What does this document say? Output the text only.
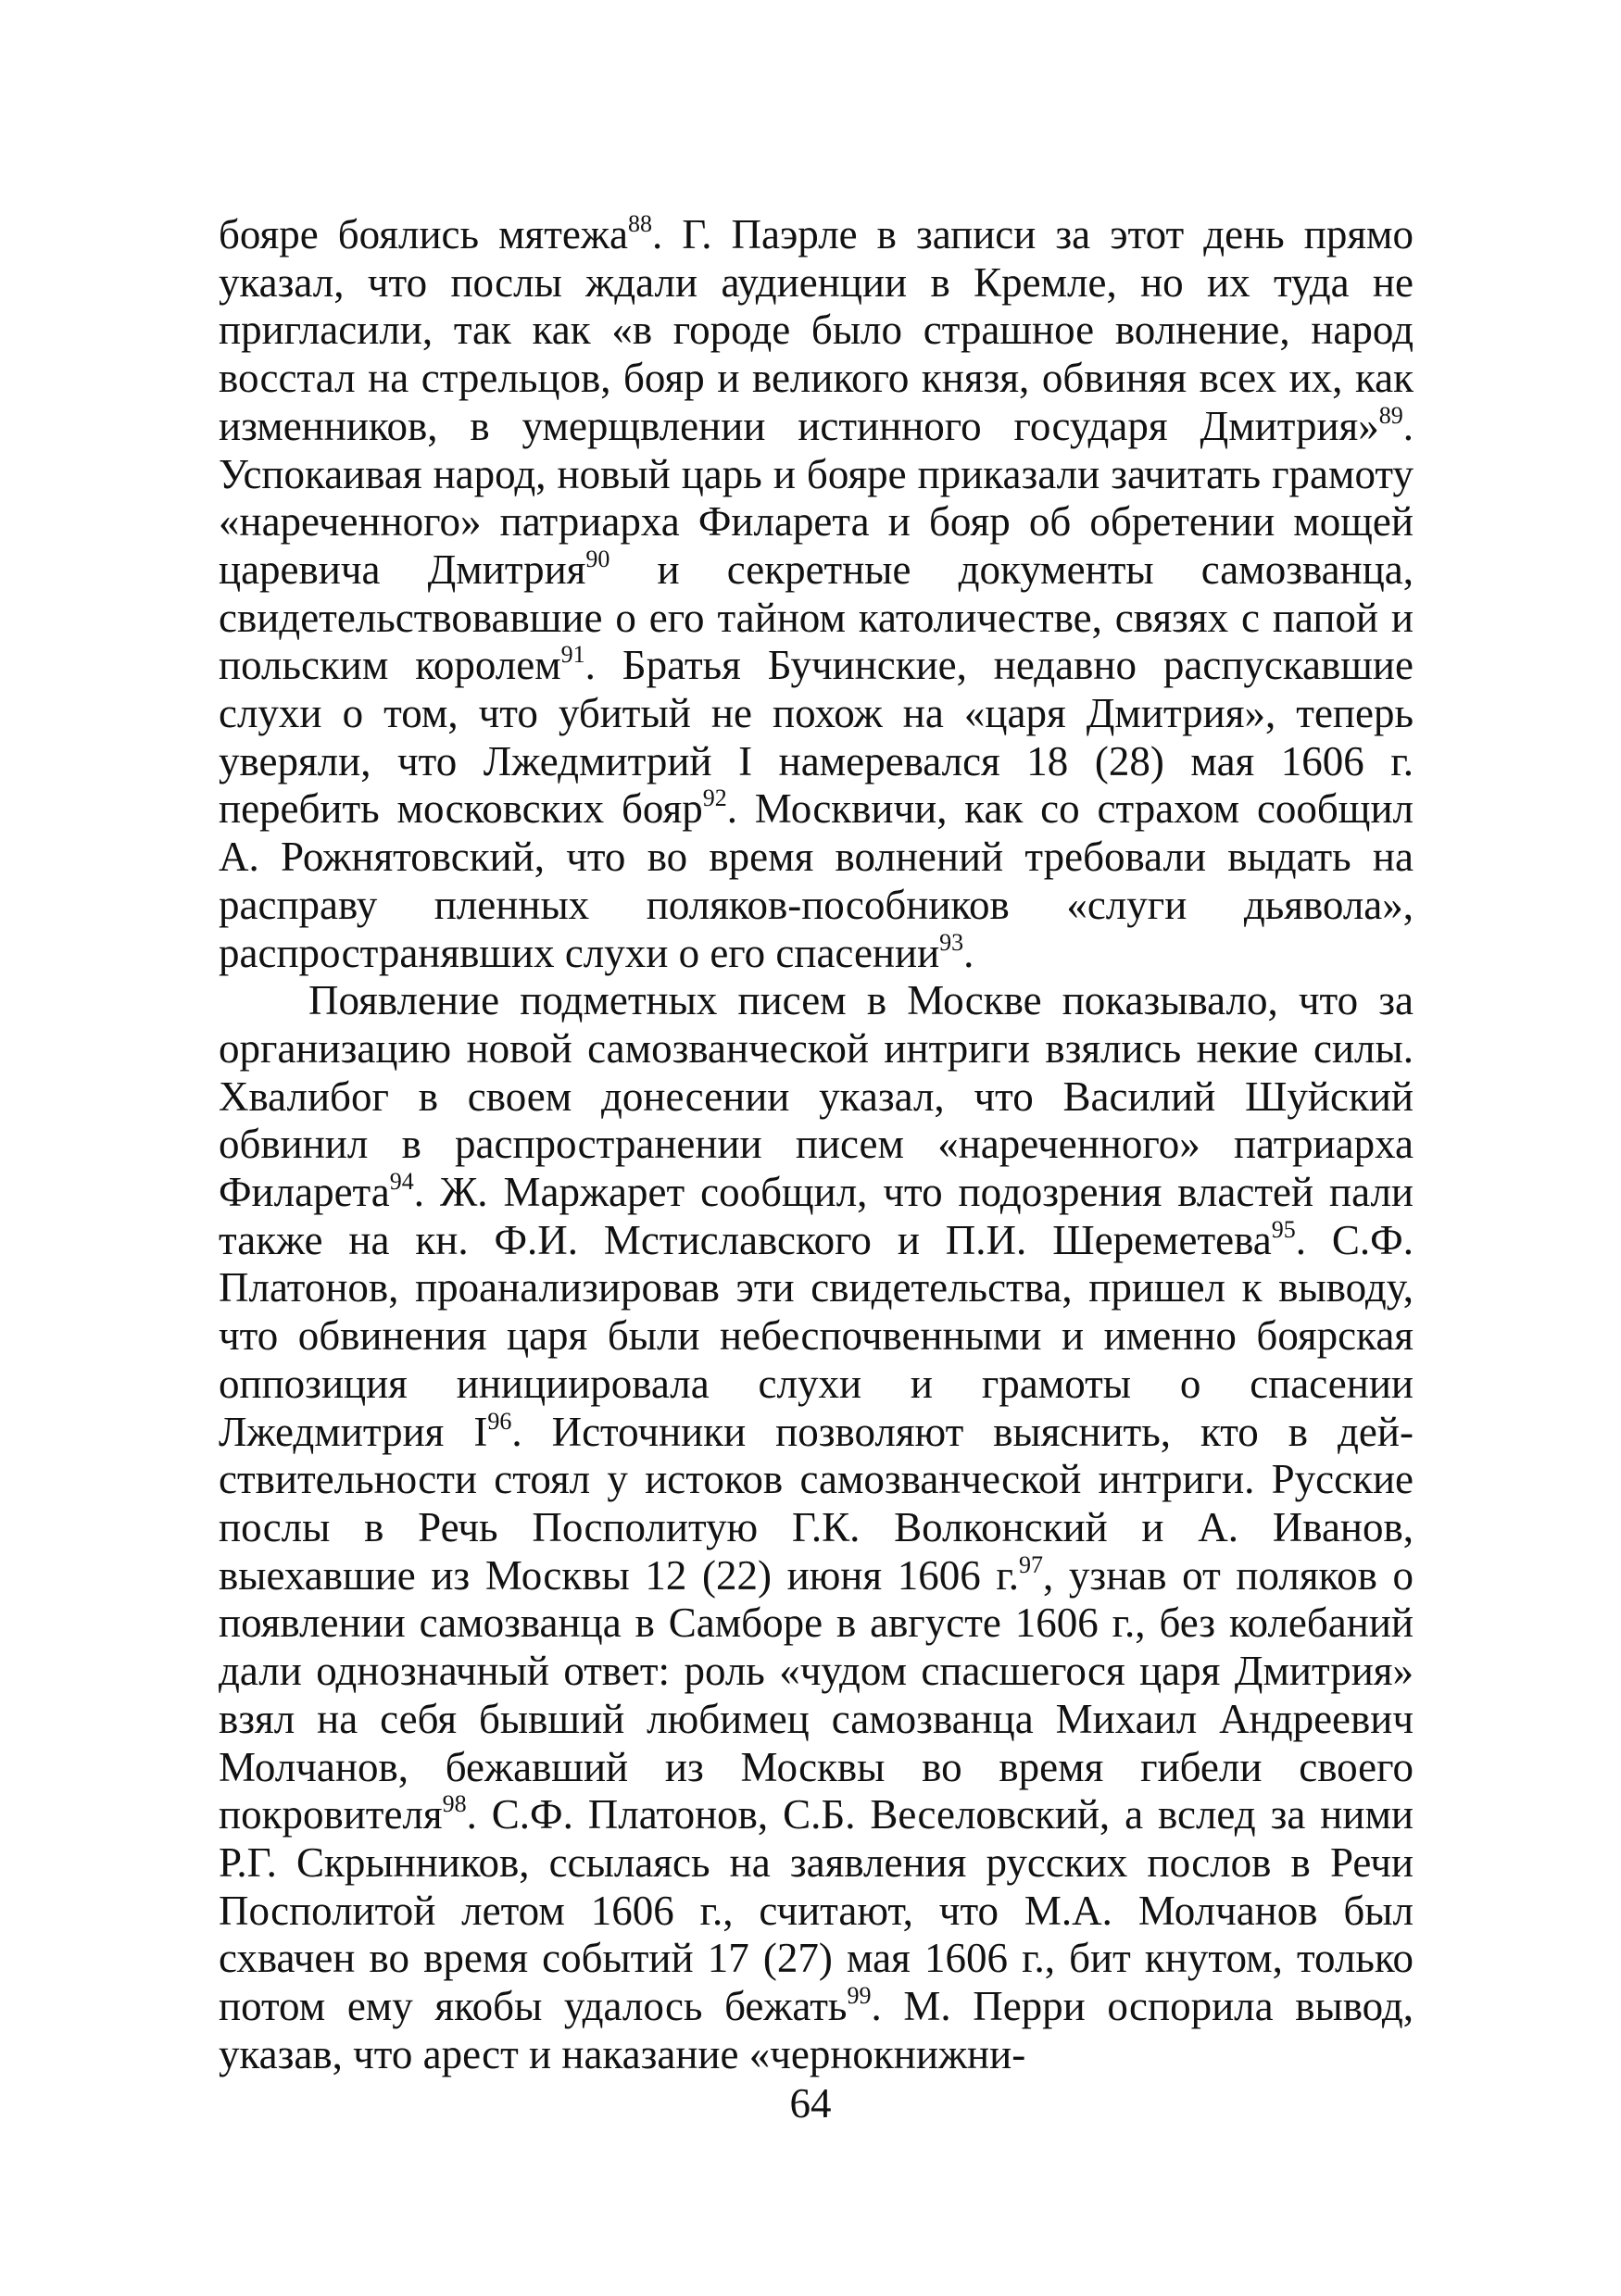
бояре боялись мятежа$^{88}$. Г. Паэрле в записи за этот день прямо указал, что послы ждали аудиенции в Кремле, но их туда не пригласили, так как «в городе было страшное волнение, народ восстал на стрельцов, бояр и великого князя, обвиняя всех их, как изменников, в умерщвлении истинного государя Дмитрия»$^{89}$. Успокаивая народ, новый царь и бояре приказали зачитать грамоту «нареченного» патриарха Филарета и бояр об обретении мощей царевича Дмитрия$^{90}$ и секретные документы самозванца, свидетельствовавшие о его тайном католичестве, связях с папой и польским королем$^{91}$. Братья Бучинские, недавно распускавшие слухи о том, что убитый не похож на «царя Дмитрия», теперь уверяли, что Лжедмитрий I намеревался 18 (28) мая 1606 г. перебить московских бояр$^{92}$. Москвичи, как со страхом сообщил А. Рожнятовский, что во время волнений требовали выдать на расправу пленных поляков-пособников «слуги дьявола», распространявших слухи о его спасении$^{93}$.

Появление подметных писем в Москве показывало, что за организацию новой самозванческой интриги взялись некие силы. Хвалибог в своем донесении указал, что Василий Шуйский обвинил в распространении писем «нареченного» патриарха Филарета$^{94}$. Ж. Маржарет сообщил, что подозрения властей пали также на кн. Ф.И. Мстиславского и П.И. Шереметева$^{95}$. С.Ф. Платонов, проанализировав эти свидетельства, пришел к выводу, что обвинения царя были небеспочвенными и именно боярская оппозиция инициировала слухи и грамоты о спасении Лжедмитрия I$^{96}$. Источники позволяют выяснить, кто в действительности стоял у истоков самозванческой интриги. Русские послы в Речь Посполитую Г.К. Волконский и А. Иванов, выехавшие из Москвы 12 (22) июня 1606 г.$^{97}$, узнав от поляков о появлении самозванца в Самборе в августе 1606 г., без колебаний дали однозначный ответ: роль «чудом спасшегося царя Дмитрия» взял на себя бывший любимец самозванца Михаил Андреевич Молчанов, бежавший из Москвы во время гибели своего покровителя$^{98}$. С.Ф. Платонов, С.Б. Веселовский, а вслед за ними Р.Г. Скрынников, ссылаясь на заявления русских послов в Речи Посполитой летом 1606 г., считают, что М.А. Молчанов был схвачен во время событий 17 (27) мая 1606 г., бит кнутом, только потом ему якобы удалось бежать$^{99}$. М. Перри оспорила вывод, указав, что арест и наказание «чернокнижни-

64
